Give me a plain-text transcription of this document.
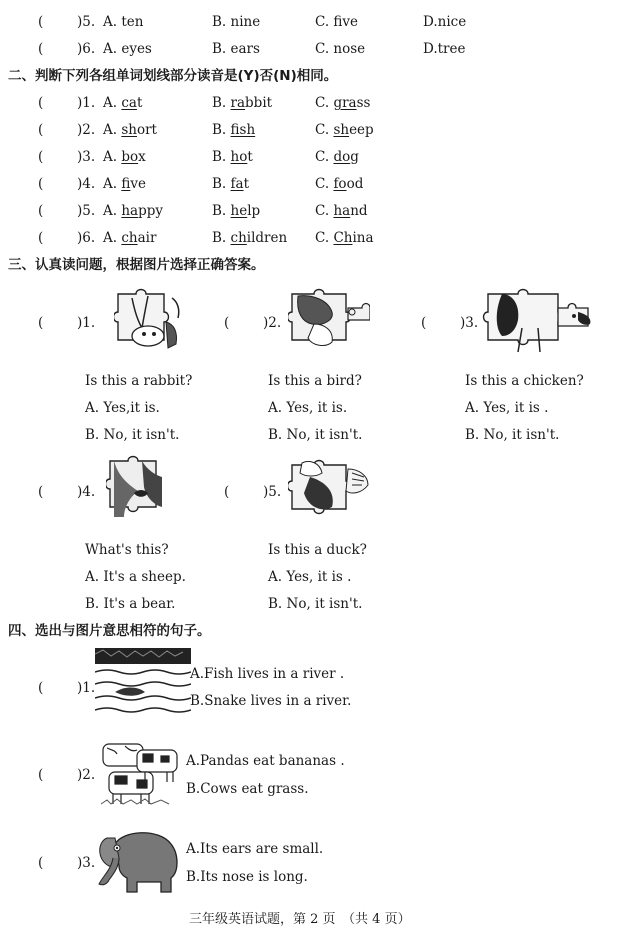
( )5. A. ten	B. nine	C. five	D.nice
( )6. A. eyes	B. ears	C. nose	D.tree
二、判断下列各组单词划线部分读音是(Y)否(N)相同。
( )1. A. cat	B. rabbit	C. grass
( )2. A. short	B. fish	C. sheep
( )3. A. box	B. hot	C. dog
( )4. A. five	B. fat	C. food
( )5. A. happy	B. help	C. hand
( )6. A. chair	B. children C. China
三、认真读问题，根据图片选择正确答案。
( )1.	( )2.	( )3.
Is this a rabbit?	Is this a bird?	Is this a chicken?
A. Yes,it is.	A. Yes, it is.	A. Yes, it is .
B. No, it isn't.	B. No, it isn't.	B. No, it isn't.
( )4.	( )5.
What's this?	Is this a duck?
A. It's a sheep.	A. Yes, it is .
B. It's a bear.	B. No, it isn't.
四、选出与图片意思相符的句子。
( )1.
A.Fish lives in a river .
B.Snake lives in a river.
( )2.
A.Pandas eat bananas .
B.Cows eat grass.
( )3.
A.Its ears are small.
B.Its nose is long.
三年级英语试题，第 2 页　（共 4 页）
